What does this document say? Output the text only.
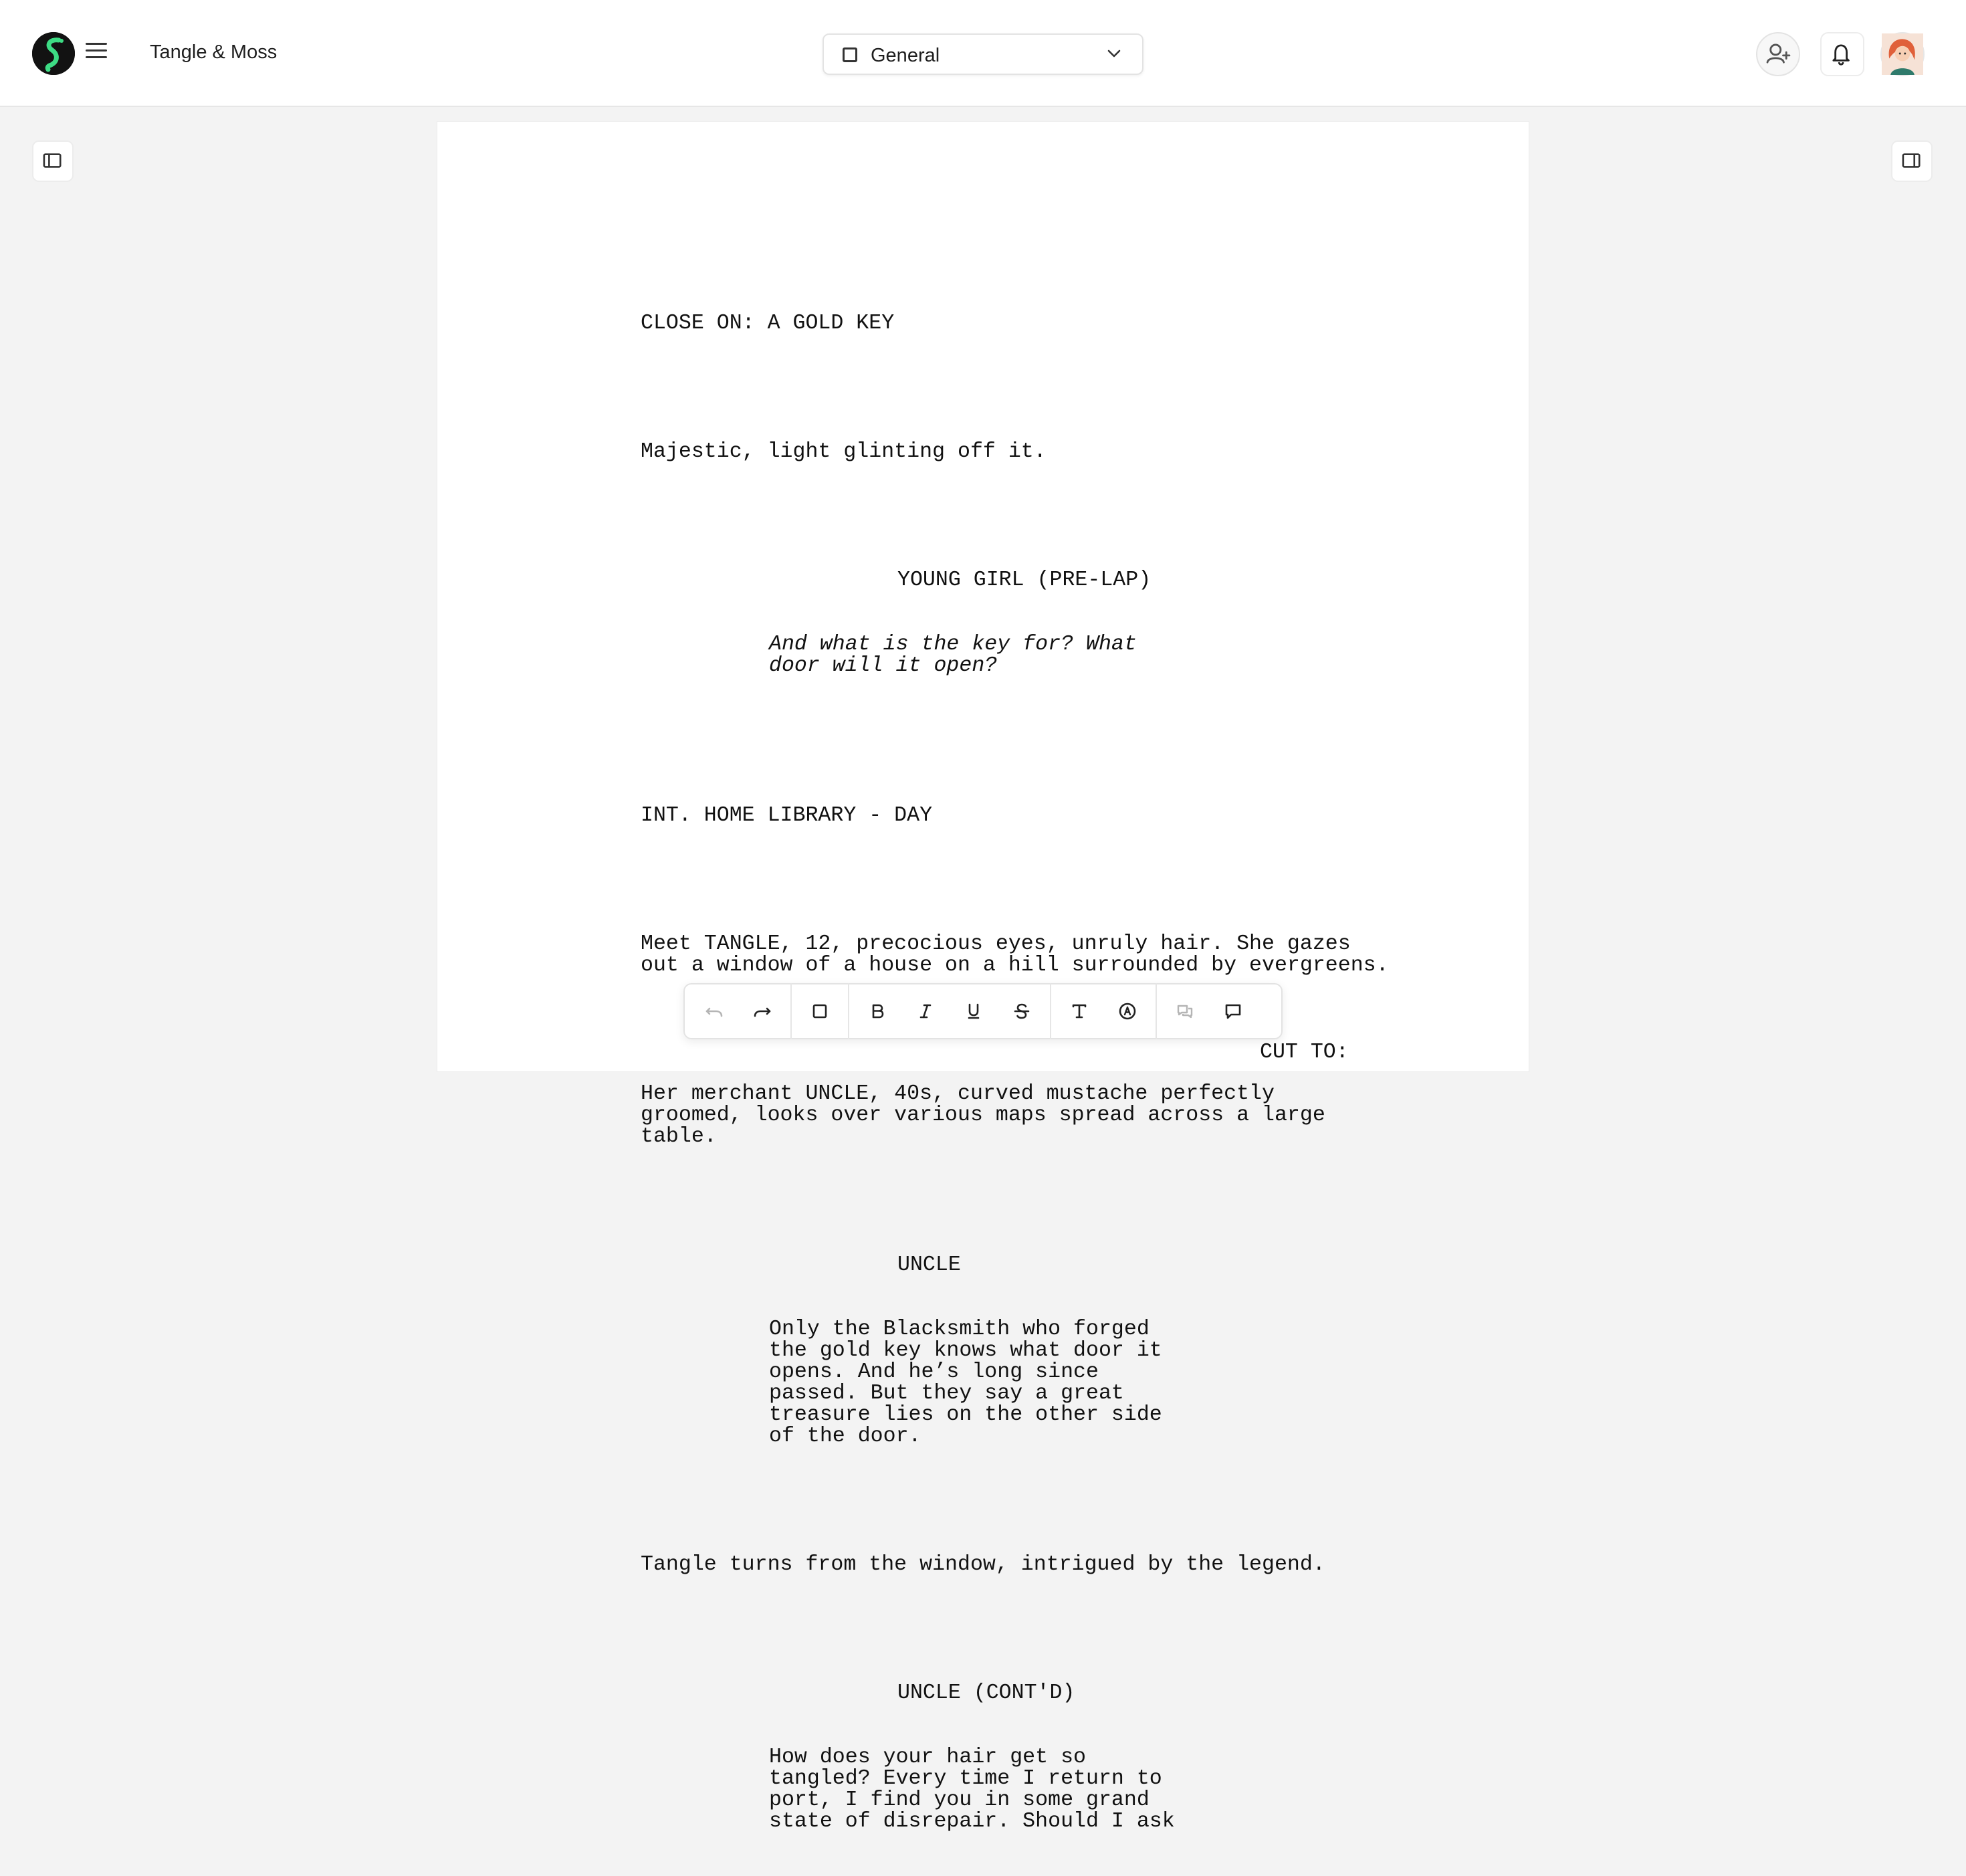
Tangle & Moss	General

CLOSE ON: A GOLD KEY

Majestic, light glinting off it.

YOUNG GIRL (PRE-LAP)

And what is the key for? What
door will it open?

INT. HOME LIBRARY - DAY

Meet TANGLE, 12, precocious eyes, unruly hair. She gazes
out a window of a house on a hill surrounded by evergreens.

Her merchant UNCLE, 40s, curved mustache perfectly
groomed, looks over various maps spread across a large
table.

UNCLE

Only the Blacksmith who forged
the gold key knows what door it
opens. And he’s long since
passed. But they say a great
treasure lies on the other side
of the door.

Tangle turns from the window, intrigued by the legend.

UNCLE (CONT'D)

How does your hair get so
tangled? Every time I return to
port, I find you in some grand
state of disrepair. Should I ask

CUT TO:
